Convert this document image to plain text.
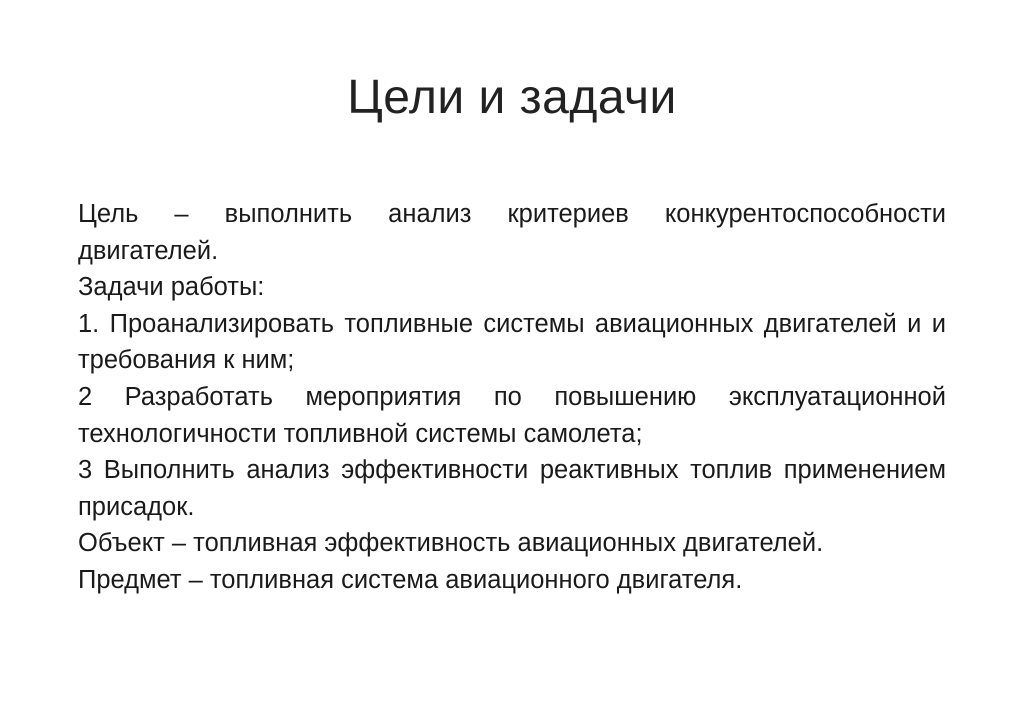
Цели и задачи

Цель – выполнить анализ критериев конкурентоспособности двигателей.

Задачи работы:

1. Проанализировать топливные системы авиационных двигателей и и требования к ним;

2 Разработать мероприятия по повышению эксплуатационной технологичности топливной системы самолета;

3 Выполнить анализ эффективности реактивных топлив применением присадок.

Объект – топливная эффективность авиационных двигателей.

Предмет – топливная система авиационного двигателя.
